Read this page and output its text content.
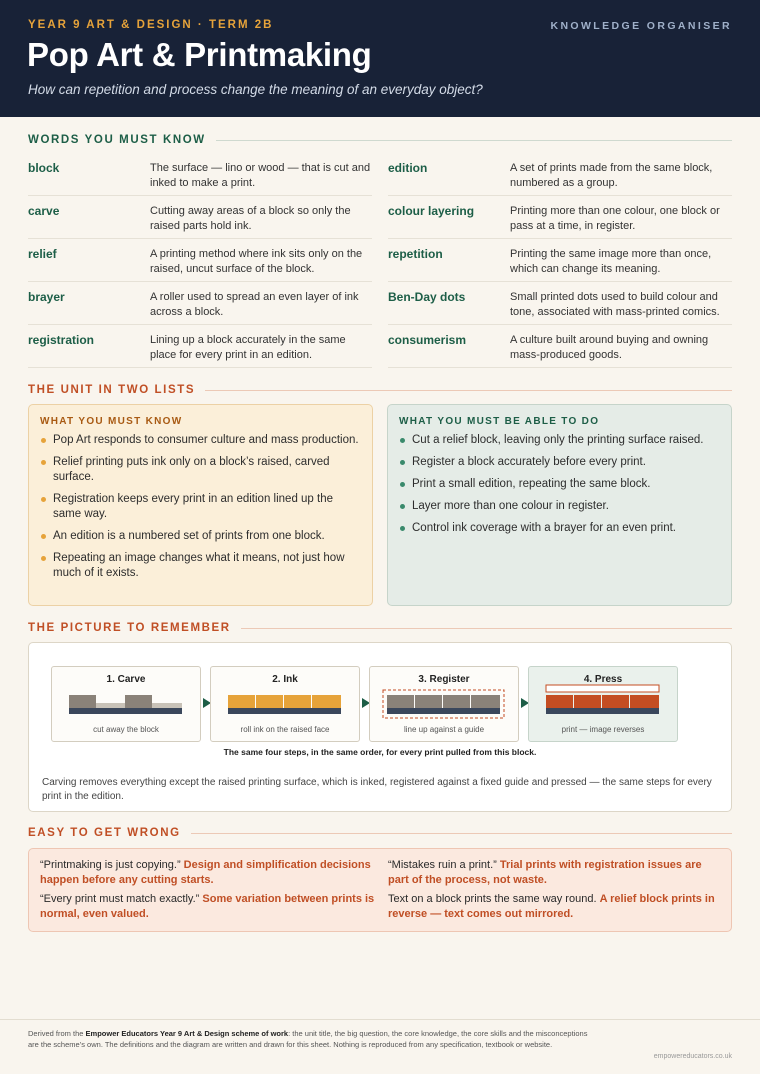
YEAR 9 ART & DESIGN · TERM 2B	KNOWLEDGE ORGANISER
Pop Art & Printmaking
How can repetition and process change the meaning of an everyday object?
WORDS YOU MUST KNOW
block	The surface — lino or wood — that is cut and inked to make a print.
carve	Cutting away areas of a block so only the raised parts hold ink.
relief	A printing method where ink sits only on the raised, uncut surface of the block.
brayer	A roller used to spread an even layer of ink across a block.
registration	Lining up a block accurately in the same place for every print in an edition.
edition	A set of prints made from the same block, numbered as a group.
colour layering	Printing more than one colour, one block or pass at a time, in register.
repetition	Printing the same image more than once, which can change its meaning.
Ben-Day dots	Small printed dots used to build colour and tone, associated with mass-printed comics.
consumerism	A culture built around buying and owning mass-produced goods.
THE UNIT IN TWO LISTS
WHAT YOU MUST KNOW
Pop Art responds to consumer culture and mass production.
Relief printing puts ink only on a block’s raised, carved surface.
Registration keeps every print in an edition lined up the same way.
An edition is a numbered set of prints from one block.
Repeating an image changes what it means, not just how much of it exists.
WHAT YOU MUST BE ABLE TO DO
Cut a relief block, leaving only the printing surface raised.
Register a block accurately before every print.
Print a small edition, repeating the same block.
Layer more than one colour in register.
Control ink coverage with a brayer for an even print.
THE PICTURE TO REMEMBER
1. Carve
cut away the block
2. Ink
roll ink on the raised face
3. Register
line up against a guide
4. Press
print — image reverses
The same four steps, in the same order, for every print pulled from this block.
Carving removes everything except the raised printing surface, which is inked, registered against a fixed guide and pressed — the same steps for every print in the edition.
EASY TO GET WRONG
“Printmaking is just copying.” Design and simplification decisions happen before any cutting starts.
“Every print must match exactly.” Some variation between prints is normal, even valued.
“Mistakes ruin a print.” Trial prints with registration issues are part of the process, not waste.
Text on a block prints the same way round. A relief block prints in reverse — text comes out mirrored.
Derived from the Empower Educators Year 9 Art & Design scheme of work: the unit title, the big question, the core knowledge, the core skills and the misconceptions are the scheme’s own. The definitions and the diagram are written and drawn for this sheet. Nothing is reproduced from any specification, textbook or website.
empowereducators.co.uk
